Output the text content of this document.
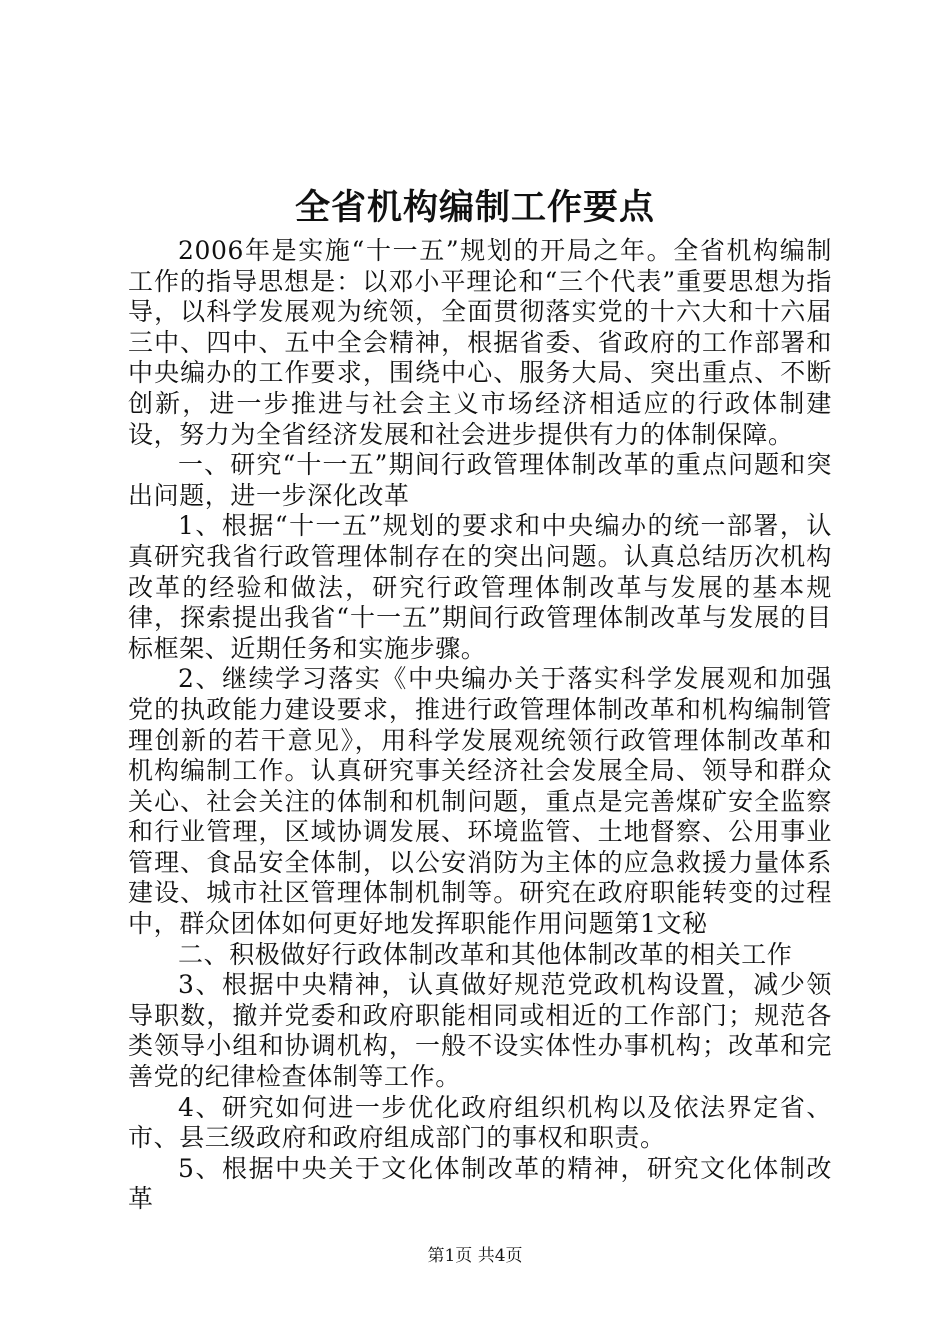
全省机构编制工作要点

2006年是实施“十一五”规划的开局之年。全省机构编制工作的指导思想是：以邓小平理论和“三个代表”重要思想为指导，以科学发展观为统领，全面贯彻落实党的十六大和十六届三中、四中、五中全会精神，根据省委、省政府的工作部署和中央编办的工作要求，围绕中心、服务大局、突出重点、不断创新，进一步推进与社会主义市场经济相适应的行政体制建设，努力为全省经济发展和社会进步提供有力的体制保障。

一、研究“十一五”期间行政管理体制改革的重点问题和突出问题，进一步深化改革

1、根据“十一五”规划的要求和中央编办的统一部署，认真研究我省行政管理体制存在的突出问题。认真总结历次机构改革的经验和做法，研究行政管理体制改革与发展的基本规律，探索提出我省“十一五”期间行政管理体制改革与发展的目标框架、近期任务和实施步骤。

2、继续学习落实《中央编办关于落实科学发展观和加强党的执政能力建设要求，推进行政管理体制改革和机构编制管理创新的若干意见》，用科学发展观统领行政管理体制改革和机构编制工作。认真研究事关经济社会发展全局、领导和群众关心、社会关注的体制和机制问题，重点是完善煤矿安全监察和行业管理，区域协调发展、环境监管、土地督察、公用事业管理、食品安全体制，以公安消防为主体的应急救援力量体系建设、城市社区管理体制机制等。研究在政府职能转变的过程中，群众团体如何更好地发挥职能作用问题第1文秘

二、积极做好行政体制改革和其他体制改革的相关工作

3、根据中央精神，认真做好规范党政机构设置，减少领导职数，撤并党委和政府职能相同或相近的工作部门；规范各类领导小组和协调机构，一般不设实体性办事机构；改革和完善党的纪律检查体制等工作。

4、研究如何进一步优化政府组织机构以及依法界定省、市、县三级政府和政府组成部门的事权和职责。

5、根据中央关于文化体制改革的精神，研究文化体制改革

第1页 共4页
